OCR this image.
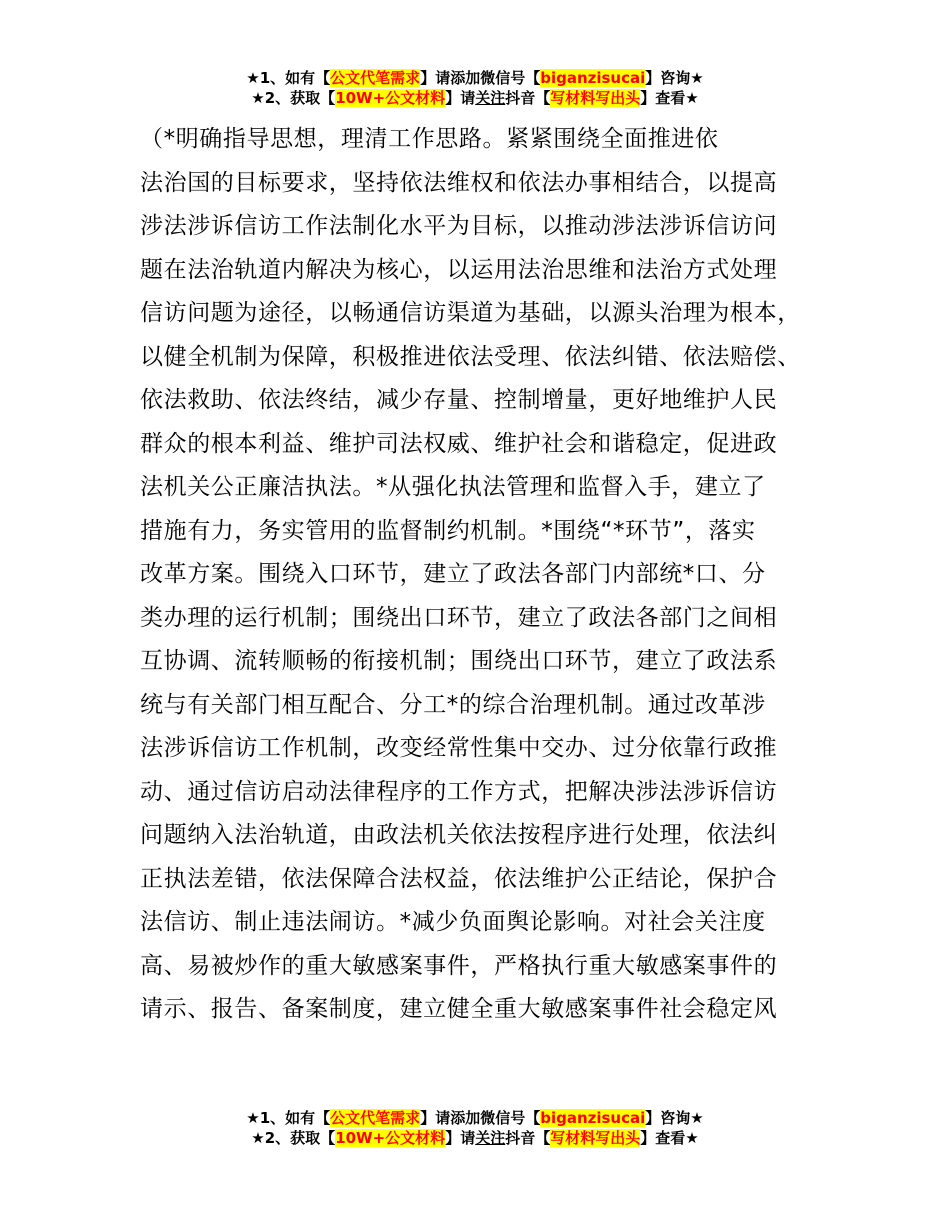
★1、如有【公文代笔需求】请添加微信号【biganzisucai】咨询★
★2、获取【10W+公文材料】请关注抖音【写材料写出头】查看★
（*明确指导思想，理清工作思路。紧紧围绕全面推进依
法治国的目标要求，坚持依法维权和依法办事相结合，以提高
涉法涉诉信访工作法制化水平为目标，以推动涉法涉诉信访问
题在法治轨道内解决为核心，以运用法治思维和法治方式处理
信访问题为途径，以畅通信访渠道为基础，以源头治理为根本，
以健全机制为保障，积极推进依法受理、依法纠错、依法赔偿、
依法救助、依法终结，减少存量、控制增量，更好地维护人民
群众的根本利益、维护司法权威、维护社会和谐稳定，促进政
法机关公正廉洁执法。*从强化执法管理和监督入手，建立了
措施有力，务实管用的监督制约机制。*围绕“*环节”，落实
改革方案。围绕入口环节，建立了政法各部门内部统*口、分
类办理的运行机制；围绕出口环节，建立了政法各部门之间相
互协调、流转顺畅的衔接机制；围绕出口环节，建立了政法系
统与有关部门相互配合、分工*的综合治理机制。通过改革涉
法涉诉信访工作机制，改变经常性集中交办、过分依靠行政推
动、通过信访启动法律程序的工作方式，把解决涉法涉诉信访
问题纳入法治轨道，由政法机关依法按程序进行处理，依法纠
正执法差错，依法保障合法权益，依法维护公正结论，保护合
法信访、制止违法闹访。*减少负面舆论影响。对社会关注度
高、易被炒作的重大敏感案事件，严格执行重大敏感案事件的
请示、报告、备案制度，建立健全重大敏感案事件社会稳定风
★1、如有【公文代笔需求】请添加微信号【biganzisucai】咨询★
★2、获取【10W+公文材料】请关注抖音【写材料写出头】查看★
